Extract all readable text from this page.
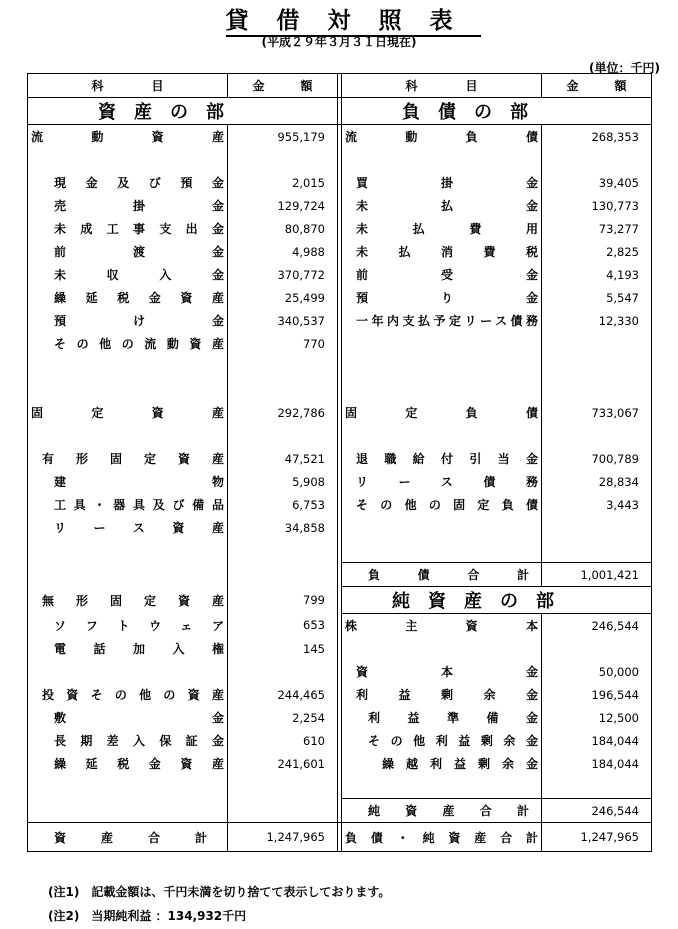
貸借対照表
(平成２９年３月３１日現在)
(単位：千円)
科　　　　目	金　　　額		科　　　　目	金　　　額
資　産　の　部			負　債　の　部	

流動資産	955,179		流動負債	268,353

現金及び預金	2,015		買掛金	39,405

売掛金	129,724		未払金	130,773

未成工事支出金	80,870		未払費用	73,277

前渡金	4,988		未払消費税	2,825

未収入金	370,772		前受金	4,193

繰延税金資産	25,499		預り金	5,547

預け金	340,537		一年内支払予定リース債務	12,330

その他の流動資産	770			

固定資産	292,786		固定負債	733,067

有形固定資産	47,521		退職給付引当金	700,789

建物	5,908		リース債務	28,834

工具・器具及び備品	6,753		その他の固定負債	3,443

リース資産	34,858			

			負債合計	1,001,421

無形固定資産	799		純　資　産　の　部	

ソフトウェア	653		株主資本	246,544

電話加入権	145			

			資本金	50,000

投資その他の資産	244,465		利益剰余金	196,544

敷金	2,254		利益準備金	12,500

長期差入保証金	610		その他利益剰余金	184,044

繰延税金資産	241,601		繰越利益剰余金	184,044

			純資産合計	246,544

資産合計	1,247,965		負債・純資産合計	1,247,965
(注1)　記載金額は、千円未満を切り捨てて表示しております。
(注2)　当期純利益 ：134,932千円
